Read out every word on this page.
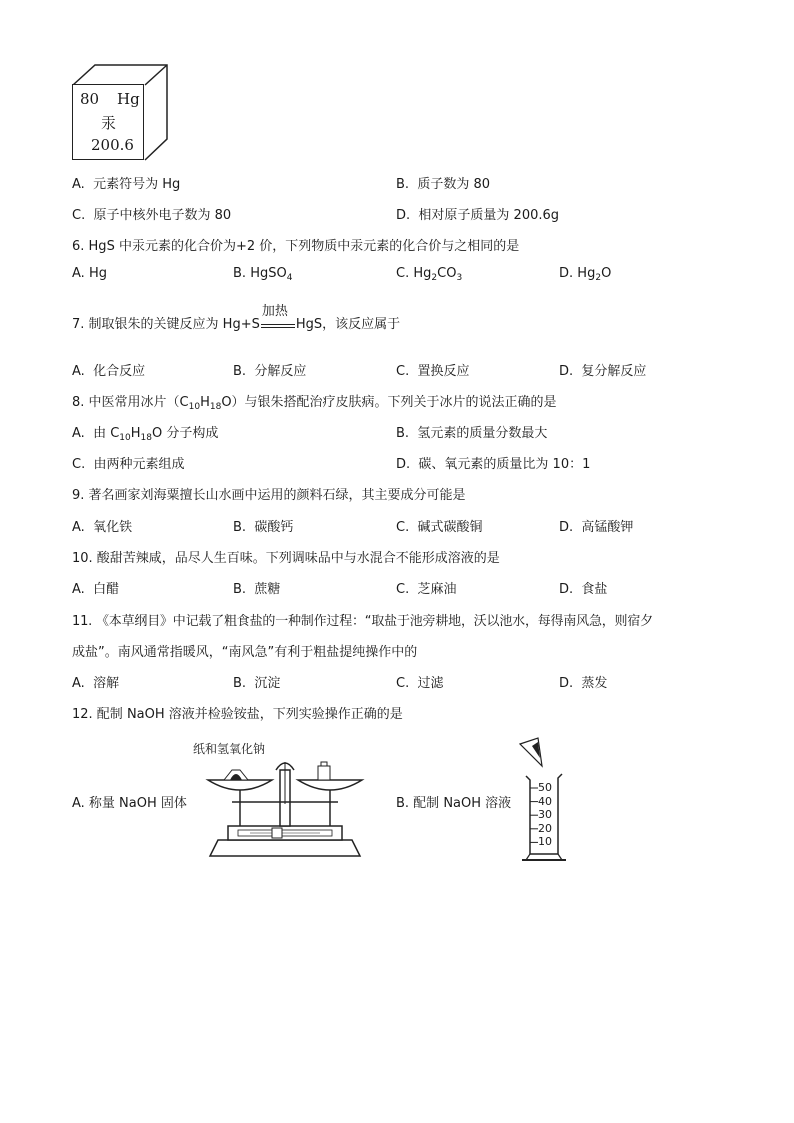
80 Hg
汞
200.6
A. 元素符号为 Hg	B. 质子数为 80
C. 原子中核外电子数为 80	D. 相对原子质量为 200.6g
6. HgS 中汞元素的化合价为+2 价，下列物质中汞元素的化合价与之相同的是
A. Hg	B. HgSO$_4$	C. $Hg_2CO_3$	D. $Hg_2O$
7. 制取银朱的关键反应为 Hg+S
加热
HgS，该反应属于
A. 化合反应	B. 分解反应	C. 置换反应	D. 复分解反应
8. 中医常用冰片$(C_{10}H_{18}O)$与银朱搭配治疗皮肤病。下列关于冰片的说法正确的是
A. 由 $C_{10}H_{18}O$ 分子构成	B. 氢元素的质量分数最大
C. 由两种元素组成	D. 碳、氧元素的质量比为 10：1
9. 著名画家刘海粟擅长山水画中运用的颜料石绿，其主要成分可能是
A. 氧化铁	B. 碳酸钙	C. 碱式碳酸铜	D. 高锰酸钾
10. 酸甜苦辣咸，品尽人生百味。下列调味品中与水混合不能形成溶液的是
A. 白醋	B. 蔗糖	C. 芝麻油	D. 食盐
11. 《本草纲目》中记载了粗食盐的一种制作过程：“取盐于池旁耕地，沃以池水，每得南风急，则宿夕
成盐”。南风通常指暖风，“南风急”有利于粗盐提纯操作中的
A. 溶解	B. 沉淀	C. 过滤	D. 蒸发
12. 配制 NaOH 溶液并检验铵盐，下列实验操作正确的是
A. 称量 NaOH 固体
纸和氢氧化钠
B. 配制 NaOH 溶液
50
40
30
20
10
